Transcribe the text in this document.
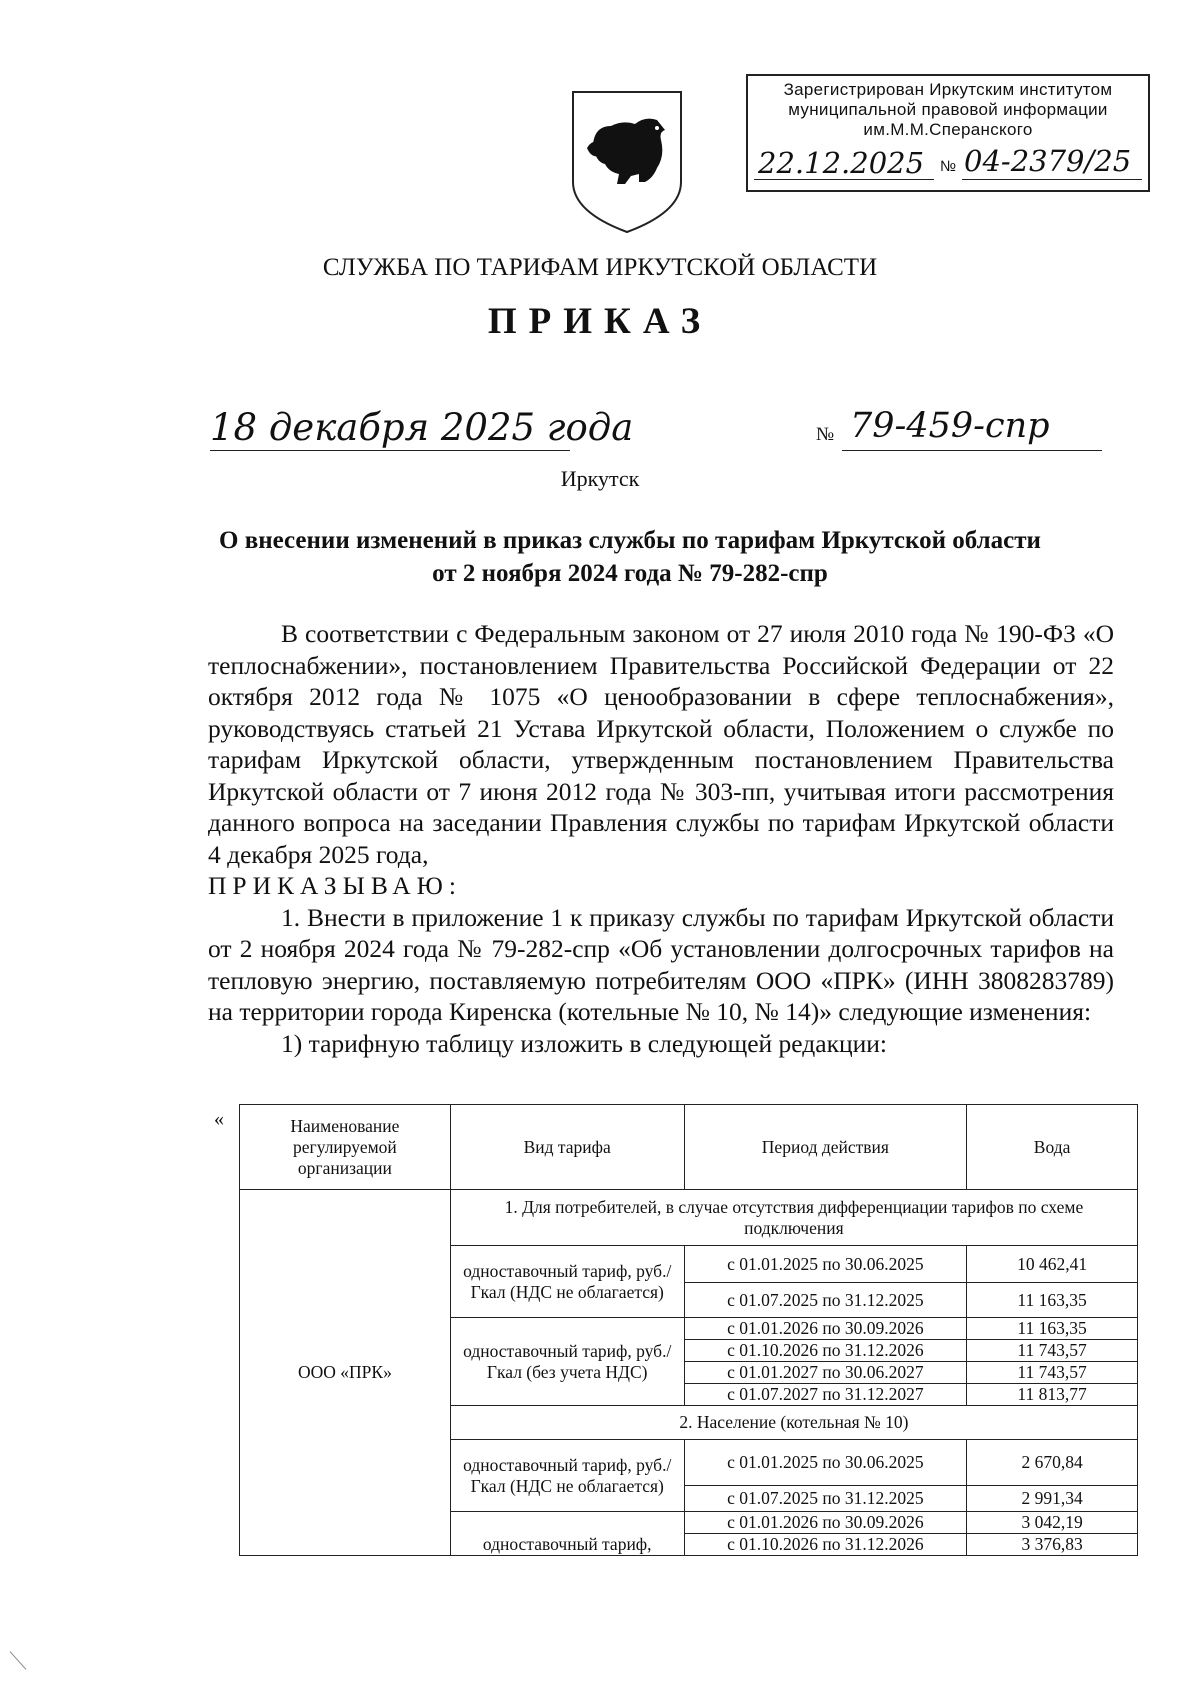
Зарегистрирован Иркутским институтом
муниципальной правовой информации
им.М.М.Сперанского
22.12.2025 № 04-2379/25
СЛУЖБА ПО ТАРИФАМ ИРКУТСКОЙ ОБЛАСТИ
ПРИКАЗ
18 декабря 2025 года	№ 79-459-спр
Иркутск
О внесении изменений в приказ службы по тарифам Иркутской области
от 2 ноября 2024 года № 79-282-спр

В соответствии с Федеральным законом от 27 июля 2010 года № 190-ФЗ «О теплоснабжении», постановлением Правительства Российской Федерации от 22 октября 2012 года № 1075 «О ценообразовании в сфере теплоснабжения», руководствуясь статьей 21 Устава Иркутской области, Положением о службе по тарифам Иркутской области, утвержденным постановлением Правительства Иркутской области от 7 июня 2012 года № 303-пп, учитывая итоги рассмотрения данного вопроса на заседании Правления службы по тарифам Иркутской области 4 декабря 2025 года,

ПРИКАЗЫВАЮ:

1. Внести в приложение 1 к приказу службы по тарифам Иркутской области от 2 ноября 2024 года № 79-282-спр «Об установлении долгосрочных тарифов на тепловую энергию, поставляемую потребителям ООО «ПРК» (ИНН 3808283789) на территории города Киренска (котельные № 10, № 14)» следующие изменения:

1) тарифную таблицу изложить в следующей редакции:

«	Наименование регулируемой организации	Вид тарифа	Период действия	Вода
ООО «ПРК»	1. Для потребителей, в случае отсутствия дифференциации тарифов по схеме подключения		
	одноставочный тариф, руб./Гкал (НДС не облагается)	с 01.01.2025 по 30.06.2025	10 462,41
		с 01.07.2025 по 31.12.2025	11 163,35
	одноставочный тариф, руб./Гкал (без учета НДС)	с 01.01.2026 по 30.09.2026	11 163,35
		с 01.10.2026 по 31.12.2026	11 743,57
		с 01.01.2027 по 30.06.2027	11 743,57
		с 01.07.2027 по 31.12.2027	11 813,77
	2. Население (котельная № 10)		
	одноставочный тариф, руб./Гкал (НДС не облагается)	с 01.01.2025 по 30.06.2025	2 670,84
		с 01.07.2025 по 31.12.2025	2 991,34
	одноставочный тариф,	с 01.01.2026 по 30.09.2026	3 042,19
		с 01.10.2026 по 31.12.2026	3 376,83
